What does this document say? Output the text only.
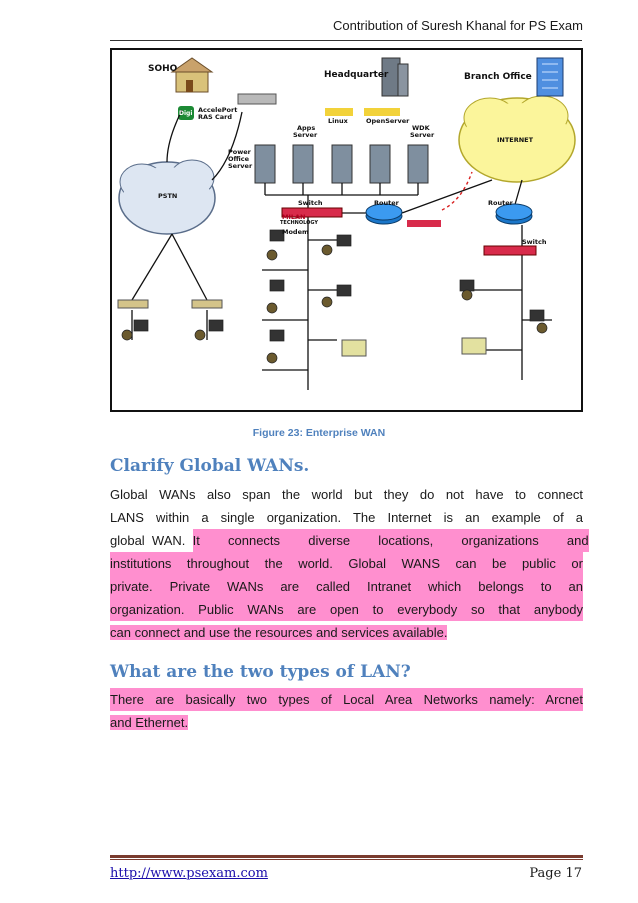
Contribution of Suresh Khanal for PS Exam
SOHO
Headquarter	Branch Office
AccelePort
RAS Card
Digi
Apps
Server
Linux	OpenServer
WDK
Server
Power
Office
Server
PSTN
INTERNET
Switch	Router
Modem
Router
Switch
MILAN
TECHNOLOGY
Figure 23: Enterprise WAN
Clarify Global WANs.
Global WANs also span the world but they do not have to connect
LANS within a single organization. The Internet is an example of a
global  WAN.  It  connects  diverse  locations,  organizations  and
institutions throughout the world. Global WANS can be public or
private.  Private  WANs  are  called  Intranet  which  belongs  to  an
organization. Public WANs are open to everybody so that anybody
can connect and use the resources and services available.
What are the two types of LAN?
There are basically two types of Local Area Networks namely: Arcnet
and Ethernet.
http://www.psexam.com	Page 17
